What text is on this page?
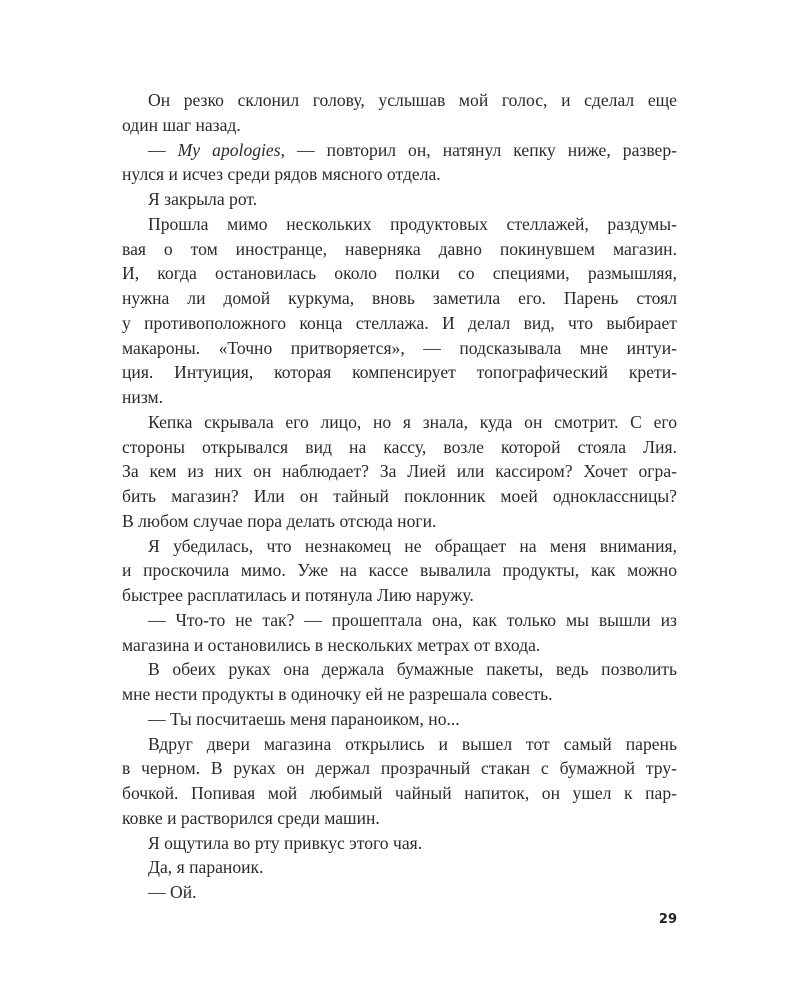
Он резко склонил голову, услышав мой голос, и сделал еще
один шаг назад.
— My apologies, — повторил он, натянул кепку ниже, развер-
нулся и исчез среди рядов мясного отдела.
Я закрыла рот.
Прошла мимо нескольких продуктовых стеллажей, раздумы-
вая о том иностранце, наверняка давно покинувшем магазин.
И, когда остановилась около полки со специями, размышляя,
нужна ли домой куркума, вновь заметила его. Парень стоял
у противоположного конца стеллажа. И делал вид, что выбирает
макароны. «Точно притворяется», — подсказывала мне интуи-
ция. Интуиция, которая компенсирует топографический крети-
низм.
Кепка скрывала его лицо, но я знала, куда он смотрит. С его
стороны открывался вид на кассу, возле которой стояла Лия.
За кем из них он наблюдает? За Лией или кассиром? Хочет огра-
бить магазин? Или он тайный поклонник моей одноклассницы?
В любом случае пора делать отсюда ноги.
Я убедилась, что незнакомец не обращает на меня внимания,
и проскочила мимо. Уже на кассе вывалила продукты, как можно
быстрее расплатилась и потянула Лию наружу.
— Что-то не так? — прошептала она, как только мы вышли из
магазина и остановились в нескольких метрах от входа.
В обеих руках она держала бумажные пакеты, ведь позволить
мне нести продукты в одиночку ей не разрешала совесть.
— Ты посчитаешь меня параноиком, но...
Вдруг двери магазина открылись и вышел тот самый парень
в черном. В руках он держал прозрачный стакан с бумажной тру-
бочкой. Попивая мой любимый чайный напиток, он ушел к пар-
ковке и растворился среди машин.
Я ощутила во рту привкус этого чая.
Да, я параноик.
— Ой.
29
